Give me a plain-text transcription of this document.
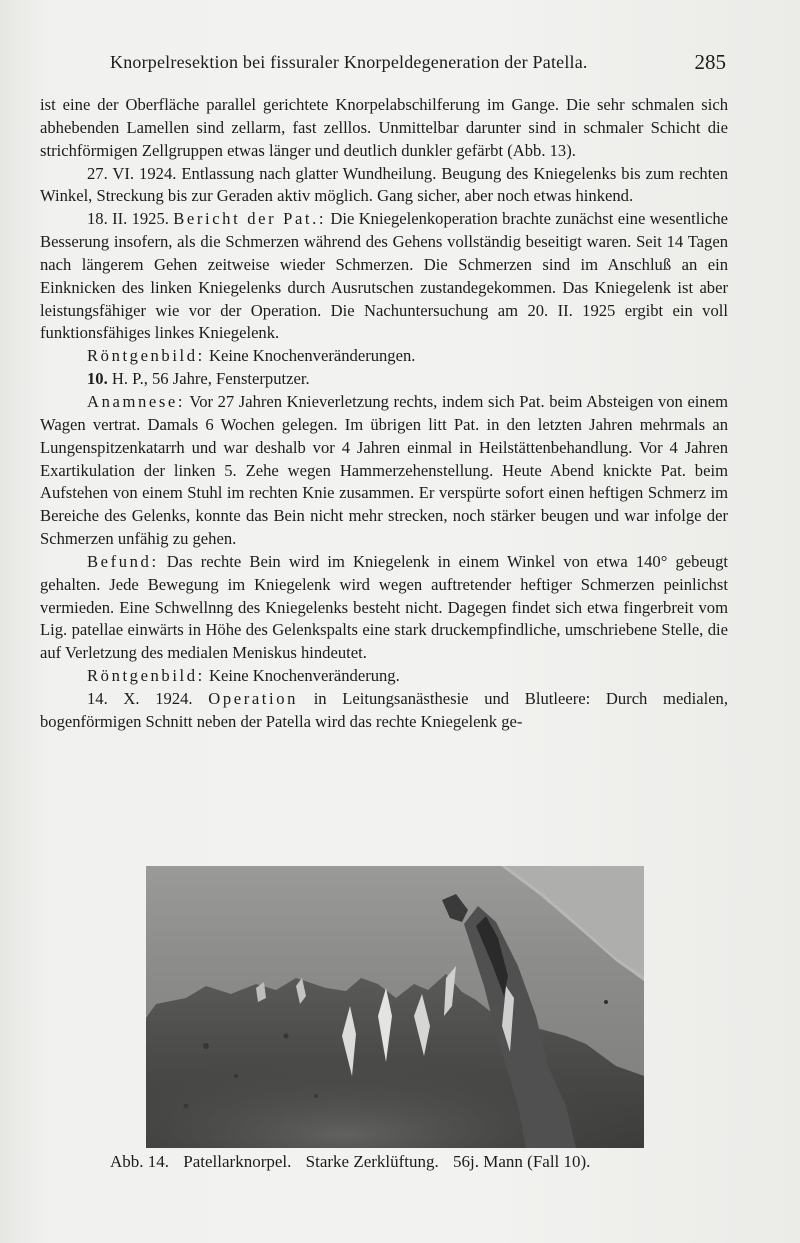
Knorpelresektion bei fissuraler Knorpeldegeneration der Patella.	285

ist eine der Oberfläche parallel gerichtete Knorpelabschilferung im Gange. Die sehr schmalen sich abhebenden Lamellen sind zellarm, fast zelllos. Unmittelbar darunter sind in schmaler Schicht die strichförmigen Zellgruppen etwas länger und deutlich dunkler gefärbt (Abb. 13).

27. VI. 1924. Entlassung nach glatter Wundheilung. Beugung des Kniegelenks bis zum rechten Winkel, Streckung bis zur Geraden aktiv möglich. Gang sicher, aber noch etwas hinkend.

18. II. 1925. Bericht der Pat.: Die Kniegelenkoperation brachte zunächst eine wesentliche Besserung insofern, als die Schmerzen während des Gehens vollständig beseitigt waren. Seit 14 Tagen nach längerem Gehen zeitweise wieder Schmerzen. Die Schmerzen sind im Anschluß an ein Einknicken des linken Kniegelenks durch Ausrutschen zustandegekommen. Das Kniegelenk ist aber leistungsfähiger wie vor der Operation. Die Nachuntersuchung am 20. II. 1925 ergibt ein voll funktionsfähiges linkes Kniegelenk.

Röntgenbild: Keine Knochenveränderungen.

10. H. P., 56 Jahre, Fensterputzer.

Anamnese: Vor 27 Jahren Knieverletzung rechts, indem sich Pat. beim Absteigen von einem Wagen vertrat. Damals 6 Wochen gelegen. Im übrigen litt Pat. in den letzten Jahren mehrmals an Lungenspitzenkatarrh und war deshalb vor 4 Jahren einmal in Heilstättenbehandlung. Vor 4 Jahren Exartikulation der linken 5. Zehe wegen Hammerzehenstellung. Heute Abend knickte Pat. beim Aufstehen von einem Stuhl im rechten Knie zusammen. Er verspürte sofort einen heftigen Schmerz im Bereiche des Gelenks, konnte das Bein nicht mehr strecken, noch stärker beugen und war infolge der Schmerzen unfähig zu gehen.

Befund: Das rechte Bein wird im Kniegelenk in einem Winkel von etwa 140° gebeugt gehalten. Jede Bewegung im Kniegelenk wird wegen auftretender heftiger Schmerzen peinlichst vermieden. Eine Schwellnng des Kniegelenks besteht nicht. Dagegen findet sich etwa fingerbreit vom Lig. patellae einwärts in Höhe des Gelenkspalts eine stark druckempfindliche, umschriebene Stelle, die auf Verletzung des medialen Meniskus hindeutet.

Röntgenbild: Keine Knochenveränderung.

14. X. 1924. Operation in Leitungsanästhesie und Blutleere: Durch medialen, bogenförmigen Schnitt neben der Patella wird das rechte Kniegelenk ge-

Abb. 14. Patellarknorpel. Starke Zerklüftung. 56j. Mann (Fall 10).
